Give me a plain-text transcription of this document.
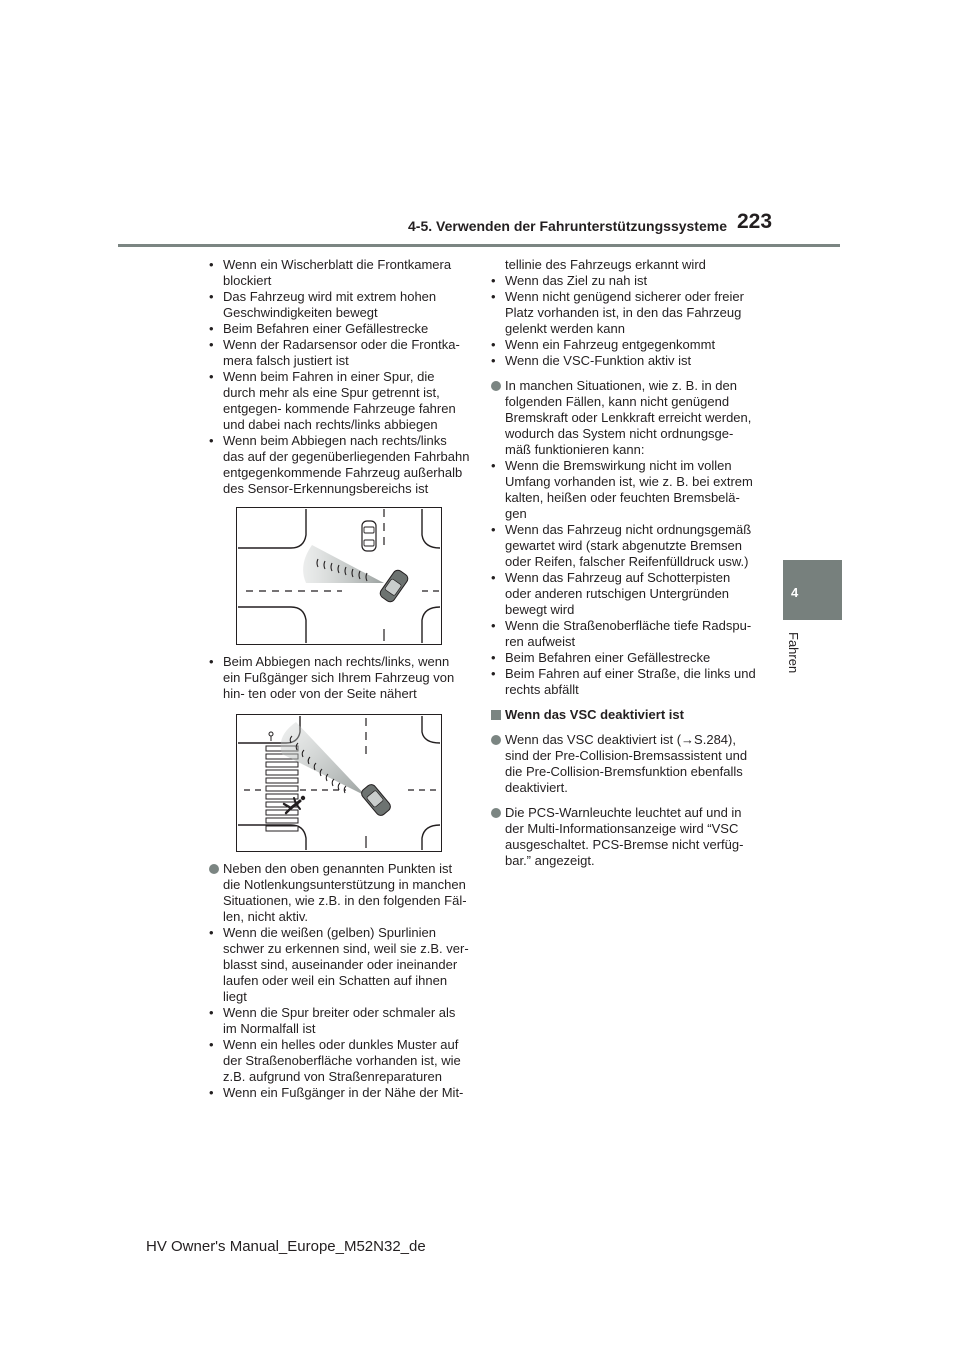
4-5. Verwenden der Fahrunterstützungssysteme 223
4
Fahren
• Wenn ein Wischerblatt die Frontkamera blockiert
• Das Fahrzeug wird mit extrem hohen Geschwindigkeiten bewegt
• Beim Befahren einer Gefällestrecke
• Wenn der Radarsensor oder die Frontka- mera falsch justiert ist
• Wenn beim Fahren in einer Spur, die durch mehr als eine Spur getrennt ist, entgegen- kommende Fahrzeuge fahren und dabei nach rechts/links abbiegen
• Wenn beim Abbiegen nach rechts/links das auf der gegenüberliegenden Fahrbahn entgegenkommende Fahrzeug außerhalb des Sensor-Erkennungsbereichs ist
• Beim Abbiegen nach rechts/links, wenn ein Fußgänger sich Ihrem Fahrzeug von hin- ten oder von der Seite nähert
Neben den oben genannten Punkten ist die Notlenkungsunterstützung in manchen Situationen, wie z.B. in den folgenden Fäl- len, nicht aktiv.
• Wenn die weißen (gelben) Spurlinien schwer zu erkennen sind, weil sie z.B. ver- blasst sind, auseinander oder ineinander laufen oder weil ein Schatten auf ihnen liegt
• Wenn die Spur breiter oder schmaler als im Normalfall ist
• Wenn ein helles oder dunkles Muster auf der Straßenoberfläche vorhanden ist, wie z.B. aufgrund von Straßenreparaturen
• Wenn ein Fußgänger in der Nähe der Mit-
tellinie des Fahrzeugs erkannt wird
• Wenn das Ziel zu nah ist
• Wenn nicht genügend sicherer oder freier Platz vorhanden ist, in den das Fahrzeug gelenkt werden kann
• Wenn ein Fahrzeug entgegenkommt
• Wenn die VSC-Funktion aktiv ist
In manchen Situationen, wie z. B. in den folgenden Fällen, kann nicht genügend Bremskraft oder Lenkkraft erreicht werden, wodurch das System nicht ordnungsge- mäß funktionieren kann:
• Wenn die Bremswirkung nicht im vollen Umfang vorhanden ist, wie z. B. bei extrem kalten, heißen oder feuchten Bremsbelä- gen
• Wenn das Fahrzeug nicht ordnungsgemäß gewartet wird (stark abgenutzte Bremsen oder Reifen, falscher Reifenfülldruck usw.)
• Wenn das Fahrzeug auf Schotterpisten oder anderen rutschigen Untergründen bewegt wird
• Wenn die Straßenoberfläche tiefe Radspu- ren aufweist
• Beim Befahren einer Gefällestrecke
• Beim Fahren auf einer Straße, die links und rechts abfällt
Wenn das VSC deaktiviert ist
Wenn das VSC deaktiviert ist (→S.284), sind der Pre-Collision-Bremsassistent und die Pre-Collision-Bremsfunktion ebenfalls deaktiviert.
Die PCS-Warnleuchte leuchtet auf und in der Multi-Informationsanzeige wird “VSC ausgeschaltet. PCS-Bremse nicht verfüg- bar.” angezeigt.
HV Owner's Manual_Europe_M52N32_de
